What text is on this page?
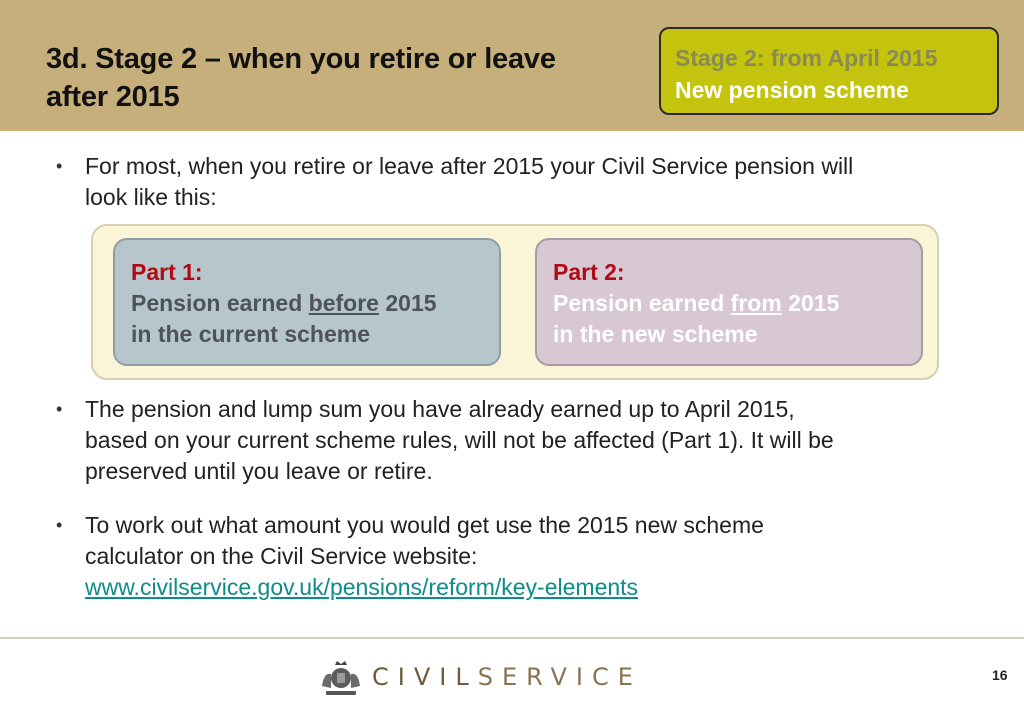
3d. Stage 2 – when you retire or leave
after 2015
Stage 2: from April 2015
New pension scheme
• For most, when you retire or leave after 2015 your Civil Service pension will
look like this:
Part 1:
Pension earned before 2015
in the current scheme
Part 2:
Pension earned from 2015
in the new scheme
• The pension and lump sum you have already earned up to April 2015,
based on your current scheme rules, will not be affected (Part 1). It will be
preserved until you leave or retire.
• To work out what amount you would get use the 2015 new scheme
calculator on the Civil Service website:
www.civilservice.gov.uk/pensions/reform/key-elements
CIVILSERVICE	16
